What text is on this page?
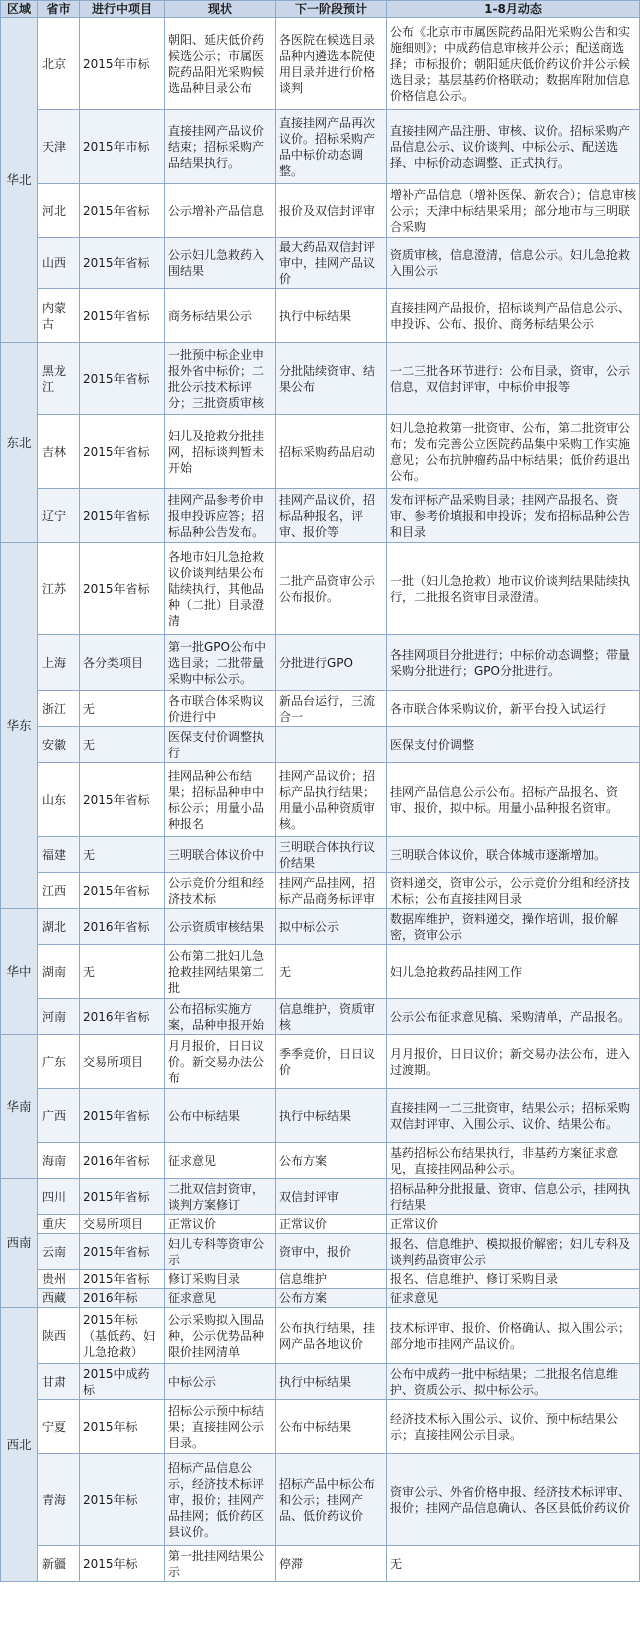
区域	省市	进行中项目	现状	下一阶段预计	1-8月动态
华北	北京	2015年市标	朝阳、延庆低价药候选公示；市属医院药品阳光采购候选品种目录公布	各医院在候选目录品种内遴选本院使用目录并进行价格谈判	公布《北京市市属医院药品阳光采购公告和实施细则》；中成药信息审核并公示；配送商选择；市标报价；朝阳延庆低价药议价并公示候选目录；基层基药价格联动；数据库附加信息价格信息公示。
	天津	2015年市标	直接挂网产品议价结束；招标采购产品结果执行。	直接挂网产品再次议价。招标采购产品中标价动态调整。	直接挂网产品注册、审核、议价。招标采购产品信息公示、议价谈判、中标公示、配送选择、中标价动态调整、正式执行。
	河北	2015年省标	公示增补产品信息	报价及双信封评审	增补产品信息（增补医保、新农合）；信息审核公示；天津中标结果采用；部分地市与三明联合采购
	山西	2015年省标	公示妇儿急救药入围结果	最大药品双信封评审中，挂网产品议价	资质审核，信息澄清，信息公示。妇儿急抢救入围公示
	内蒙古	2015年省标	商务标结果公示	执行中标结果	直接挂网产品报价，招标谈判产品信息公示、申投诉、公布、报价、商务标结果公示
东北	黑龙江	2015年省标	一批预中标企业申报外省中标价；二批公示技术标评分；三批资质审核	分批陆续资审、结果公布	一二三批各环节进行：公布目录，资审，公示信息，双信封评审，中标价申报等
	吉林	2015年省标	妇儿及抢救分批挂网，招标谈判暂未开始	招标采购药品启动	妇儿急抢救第一批资审、公布，第二批资审公布；发布完善公立医院药品集中采购工作实施意见；公布抗肿瘤药品中标结果；低价药退出公布。
	辽宁	2015年省标	挂网产品参考价申报申投诉应答；招标品种公告发布。	挂网产品议价，招标品种报名，评审、报价等	发布评标产品采购目录；挂网产品报名、资审、参考价填报和申投诉；发布招标品种公告和目录
华东	江苏	2015年省标	各地市妇儿急抢救议价谈判结果公布陆续执行，其他品种（二批）目录澄清	二批产品资审公示公布报价。	一批（妇儿急抢救）地市议价谈判结果陆续执行，二批报名资审目录澄清。
	上海	各分类项目	第一批GPO公布中选目录；二批带量采购中标公示。	分批进行GPO	各挂网项目分批进行；中标价动态调整；带量采购分批进行；GPO分批进行。
	浙江	无	各市联合体采购议价进行中	新品台运行，三流合一	各市联合体采购议价，新平台投入试运行
	安徽	无	医保支付价调整执行		医保支付价调整
	山东	2015年省标	挂网品种公布结果；招标品种申中标公示；用量小品种报名	挂网产品议价；招标产品执行结果；用量小品种资质审核。	挂网产品信息公示公布。招标产品报名、资审、报价，拟中标。用量小品种报名资审。
	福建	无	三明联合体议价中	三明联合体执行议价结果	三明联合体议价，联合体城市逐渐增加。
	江西	2015年省标	公示竞价分组和经济技术标	挂网产品挂网，招标产品商务标评审	资料递交，资审公示，公示竞价分组和经济技术标；公布直接挂网目录
华中	湖北	2016年省标	公示资质审核结果	拟中标公示	数据库维护，资料递交，操作培训，报价解密，资审公示
	湖南	无	公布第二批妇儿急抢救挂网结果第二批	无	妇儿急抢救药品挂网工作
	河南	2016年省标	公布招标实施方案，品种申报开始	信息维护，资质审核	公示公布征求意见稿、采购清单，产品报名。
华南	广东	交易所项目	月月报价，日日议价。新交易办法公布	季季竞价，日日议价	月月报价，日日议价；新交易办法公布，进入过渡期。
	广西	2015年省标	公布中标结果	执行中标结果	直接挂网一二三批资审，结果公示；招标采购双信封评审、入围公示、议价、结果公布。
	海南	2016年省标	征求意见	公布方案	基药招标公布结果执行，非基药方案征求意见，直接挂网品种公示。
西南	四川	2015年省标	二批双信封资审，谈判方案修订	双信封评审	招标品种分批报量、资审、信息公示，挂网执行结果
	重庆	交易所项目	正常议价	正常议价	正常议价
	云南	2015年省标	妇儿专科等资审公示	资审中，报价	报名、信息维护、模拟报价解密；妇儿专科及谈判药品资审公示
	贵州	2015年省标	修订采购目录	信息维护	报名、信息维护、修订采购目录
	西藏	2016年标	征求意见	公布方案	征求意见
西北	陕西	2015年标（基低药、妇儿急抢救）	公示采购拟入围品种，公示优势品种限价挂网清单	公布执行结果，挂网产品各地议价	技术标评审、报价、价格确认、拟入围公示；部分地市挂网产品议价。
	甘肃	2015中成药标	中标公示	执行中标结果	公布中成药一批中标结果；二批报名信息维护、资质公示、拟中标公示。
	宁夏	2015年标	招标公示预中标结果；直接挂网公示目录。	公布中标结果	经济技术标入围公示、议价、预中标结果公示；直接挂网公示目录。
	青海	2015年标	招标产品信息公示，经济技术标评审，报价；挂网产品挂网；低价药区县议价。	招标产品中标公布和公示；挂网产品、低价药议价	资审公示、外省价格申报、经济技术标评审、报价；挂网产品信息确认、各区县低价药议价
	新疆	2015年标	第一批挂网结果公示	停滞	无
